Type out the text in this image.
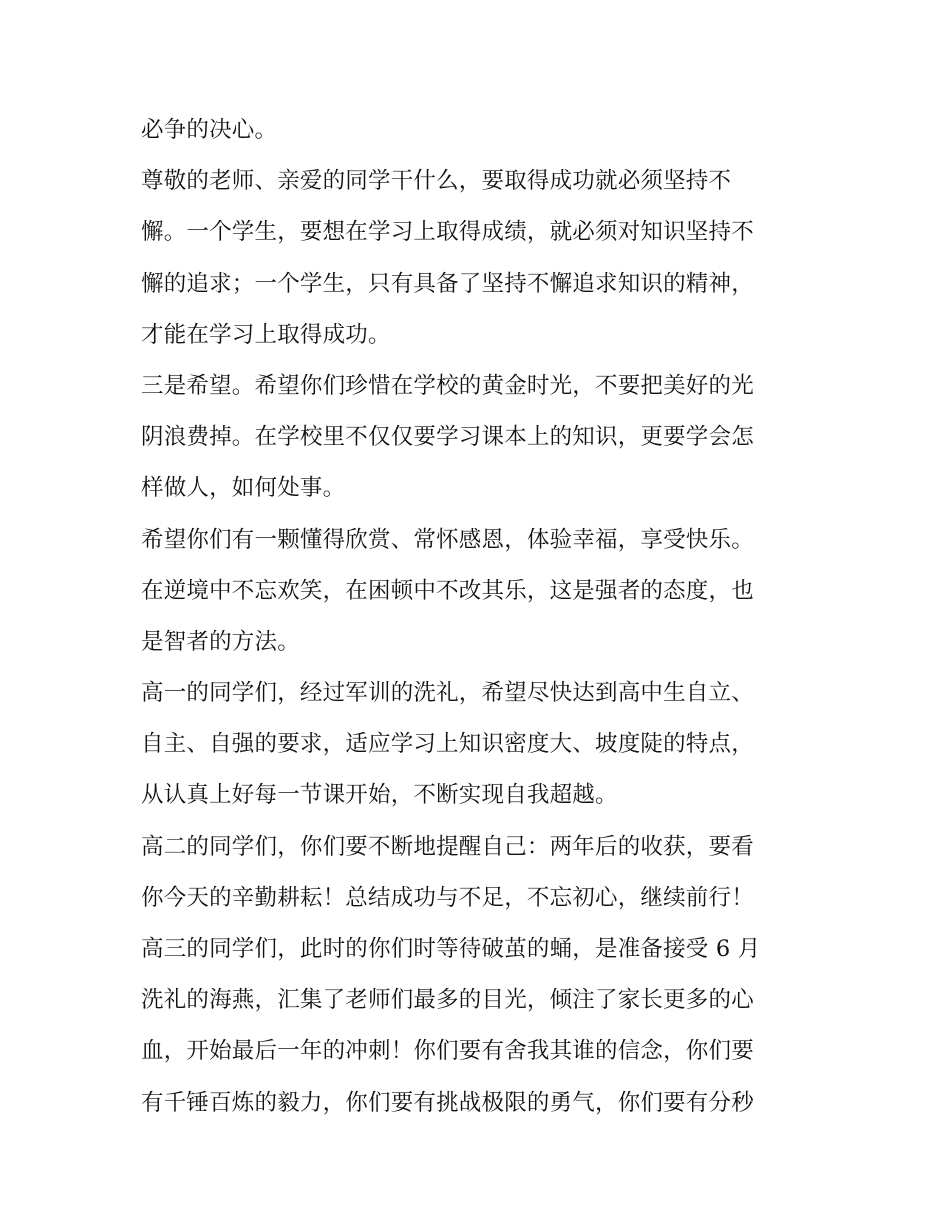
必争的决心。
尊敬的老师、亲爱的同学干什么，要取得成功就必须坚持不
懈。一个学生，要想在学习上取得成绩，就必须对知识坚持不
懈的追求；一个学生，只有具备了坚持不懈追求知识的精神，
才能在学习上取得成功。
三是希望。希望你们珍惜在学校的黄金时光，不要把美好的光
阴浪费掉。在学校里不仅仅要学习课本上的知识，更要学会怎
样做人，如何处事。
希望你们有一颗懂得欣赏、常怀感恩，体验幸福，享受快乐。
在逆境中不忘欢笑，在困顿中不改其乐，这是强者的态度，也
是智者的方法。
高一的同学们，经过军训的洗礼，希望尽快达到高中生自立、
自主、自强的要求，适应学习上知识密度大、坡度陡的特点，
从认真上好每一节课开始，不断实现自我超越。
高二的同学们，你们要不断地提醒自己：两年后的收获，要看
你今天的辛勤耕耘！总结成功与不足，不忘初心，继续前行！
高三的同学们，此时的你们时等待破茧的蛹，是准备接受 6 月
洗礼的海燕，汇集了老师们最多的目光，倾注了家长更多的心
血，开始最后一年的冲刺！你们要有舍我其谁的信念，你们要
有千锤百炼的毅力，你们要有挑战极限的勇气，你们要有分秒
